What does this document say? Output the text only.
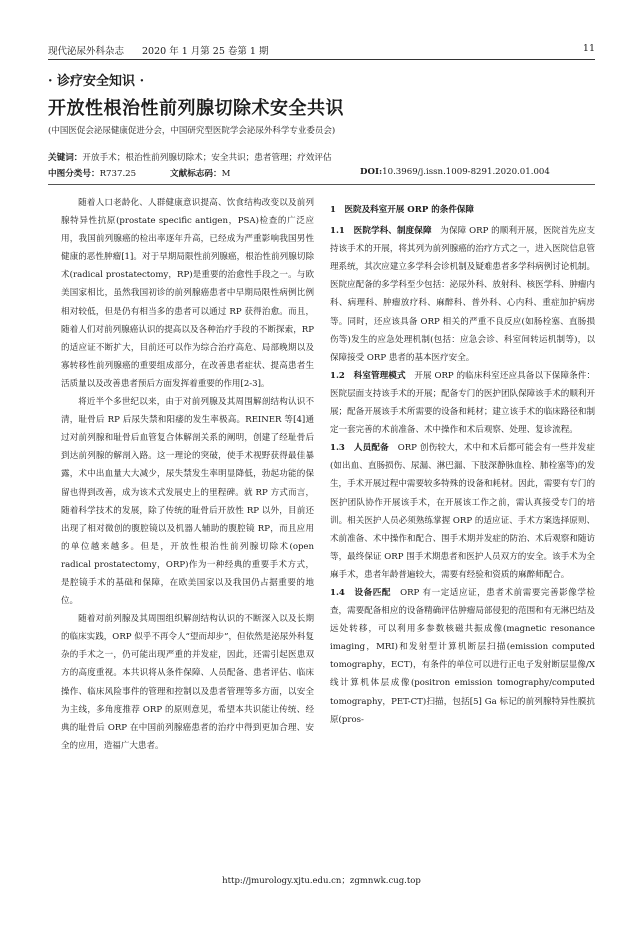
现代泌尿外科杂志 2020 年 1 月第 25 卷第 1 期	11
· 诊疗安全知识 ·
开放性根治性前列腺切除术安全共识
(中国医促会泌尿健康促进分会，中国研究型医院学会泌尿外科学专业委员会)
关键词：开放手术；根治性前列腺切除术；安全共识；患者管理；疗效评估
中图分类号：R737.25	文献标志码：M	DOI:10.3969/j.issn.1009-8291.2020.01.004

随着人口老龄化、人群健康意识提高、饮食结构改变以及前列腺特异性抗原(prostate specific antigen，PSA)检查的广泛应用，我国前列腺癌的检出率逐年升高，已经成为严重影响我国男性健康的恶性肿瘤[1]。对于早期局限性前列腺癌，根治性前列腺切除术(radical prostatectomy，RP)是重要的治愈性手段之一。与欧美国家相比，虽然我国初诊的前列腺癌患者中早期局限性病例比例相对较低，但是仍有相当多的患者可以通过 RP 获得治愈。而且，随着人们对前列腺癌认识的提高以及各种治疗手段的不断探索，RP 的适应证不断扩大，目前还可以作为综合治疗高危、局部晚期以及寡转移性前列腺癌的重要组成部分，在改善患者症状、提高患者生活质量以及改善患者预后方面发挥着重要的作用[2-3]。

将近半个多世纪以来，由于对前列腺及其周围解剖结构认识不清，耻骨后 RP 后尿失禁和阳痿的发生率极高。REINER 等[4]通过对前列腺和耻骨后血管复合体解剖关系的阐明，创建了经耻骨后到达前列腺的解剖入路。这一理论的突破，使手术视野获得最佳暴露，术中出血量大大减少，尿失禁发生率明显降低，勃起功能的保留也得到改善，成为该术式发展史上的里程碑。就 RP 方式而言，随着科学技术的发展，除了传统的耻骨后开放性 RP 以外，目前还出现了相对微创的腹腔镜以及机器人辅助的腹腔镜 RP，而且应用的单位越来越多。但是，开放性根治性前列腺切除术(open radical prostatectomy，ORP)作为一种经典的重要手术方式，是腔镜手术的基础和保障，在欧美国家以及我国仍占据重要的地位。

随着对前列腺及其周围组织解剖结构认识的不断深入以及长期的临床实践，ORP 似乎不再令人“望而却步”，但依然是泌尿外科复杂的手术之一，仍可能出现严重的并发症，因此，还需引起医患双方的高度重视。本共识将从条件保障、人员配备、患者评估、临床操作、临床风险事件的管理和控制以及患者管理等多方面，以安全为主线，多角度推荐 ORP 的原则意见，希望本共识能让传统、经典的耻骨后 ORP 在中国前列腺癌患者的治疗中得到更加合理、安全的应用，造福广大患者。

1　医院及科室开展 ORP 的条件保障

1.1　医院学科、制度保障　 为保障 ORP 的顺利开展，医院首先应支持该手术的开展，将其列为前列腺癌的治疗方式之一，进入医院信息管理系统，其次应建立多学科会诊机制及疑难患者多学科病例讨论机制。医院应配备的多学科至少包括：泌尿外科、放射科、核医学科、肿瘤内科、病理科、肿瘤放疗科、麻醉科、普外科、心内科、重症加护病房等。同时，还应该具备 ORP 相关的严重不良反应(如肠栓塞、直肠损伤等)发生的应急处理机制(包括：应急会诊、科室间转运机制等)，以保障接受 ORP 患者的基本医疗安全。

1.2　科室管理模式　 开展 ORP 的临床科室还应具备以下保障条件：医院层面支持该手术的开展；配备专门的医护团队保障该手术的顺利开展；配备开展该手术所需要的设备和耗材；建立该手术的临床路径和制定一套完善的术前准备、术中操作和术后观察、处理、复诊流程。

1.3　人员配备　 ORP 创伤较大，术中和术后都可能会有一些并发症(如出血、直肠损伤、尿漏、淋巴漏、下肢深静脉血栓、肺栓塞等)的发生，手术开展过程中需要较多特殊的设备和耗材。因此，需要有专门的医护团队协作开展该手术，在开展该工作之前，需认真接受专门的培训。相关医护人员必须熟练掌握 ORP 的适应证、手术方案选择原则、术前准备、术中操作和配合、围手术期并发症的防治、术后观察和随访等，最终保证 ORP 围手术期患者和医护人员双方的安全。该手术为全麻手术，患者年龄普遍较大，需要有经验和资质的麻醉师配合。

1.4　设备匹配　 ORP 有一定适应证，患者术前需要完善影像学检查，需要配备相应的设备精确评估肿瘤局部侵犯的范围和有无淋巴结及远处转移，可以利用多参数核磁共振成像(magnetic resonance imaging，MRI)和发射型计算机断层扫描(emission computed tomography，ECT)，有条件的单位可以进行正电子发射断层显像/X 线计算机体层成像(positron emission tomography/computed tomography，PET-CT)扫描，包括[5] Ga 标记的前列腺特异性膜抗原(pros-

http://jmurology.xjtu.edu.cn；zgmnwk.cug.top
